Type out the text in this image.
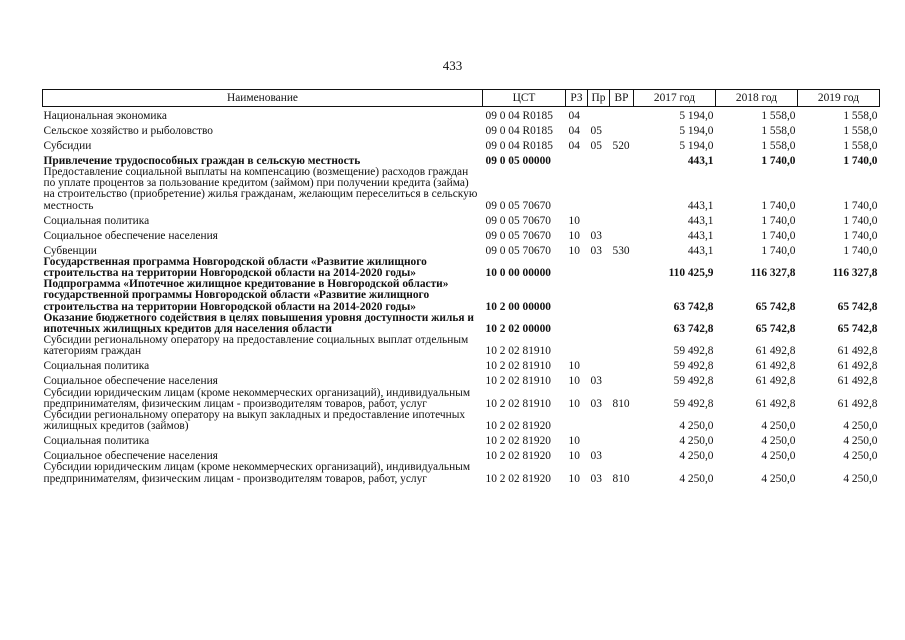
433
Наименование	ЦСТ	РЗ	Пр	ВР	2017 год	2018 год	2019 год
Национальная экономика	09 0 04 R0185	04			5 194,0	1 558,0	1 558,0
Сельское хозяйство и рыболовство	09 0 04 R0185	04	05		5 194,0	1 558,0	1 558,0
Субсидии	09 0 04 R0185	04	05	520	5 194,0	1 558,0	1 558,0
Привлечение трудоспособных граждан в сельскую местность	09 0 05 00000				443,1	1 740,0	1 740,0
Предоставление социальной выплаты на компенсацию (возмещение) расходов граждан по уплате процентов за пользование кредитом (займом) при получении кредита (займа) на строительство (приобретение) жилья гражданам, желающим переселиться в сельскую местность	09 0 05 70670				443,1	1 740,0	1 740,0
Социальная политика	09 0 05 70670	10			443,1	1 740,0	1 740,0
Социальное обеспечение населения	09 0 05 70670	10	03		443,1	1 740,0	1 740,0
Субвенции	09 0 05 70670	10	03	530	443,1	1 740,0	1 740,0
Государственная программа Новгородской области «Развитие жилищного строительства на территории Новгородской области на 2014-2020 годы»	10 0 00 00000				110 425,9	116 327,8	116 327,8
Подпрограмма «Ипотечное жилищное кредитование в Новгородской области» государственной программы Новгородской области «Развитие жилищного строительства на территории Новгородской области на 2014-2020 годы»	10 2 00 00000				63 742,8	65 742,8	65 742,8
Оказание бюджетного содействия в целях повышения уровня доступности жилья и ипотечных жилищных кредитов для населения области	10 2 02 00000				63 742,8	65 742,8	65 742,8
Субсидии региональному оператору на предоставление социальных выплат отдельным категориям граждан	10 2 02 81910				59 492,8	61 492,8	61 492,8
Социальная политика	10 2 02 81910	10			59 492,8	61 492,8	61 492,8
Социальное обеспечение населения	10 2 02 81910	10	03		59 492,8	61 492,8	61 492,8
Субсидии юридическим лицам (кроме некоммерческих организаций), индивидуальным предпринимателям, физическим лицам - производителям товаров, работ, услуг	10 2 02 81910	10	03	810	59 492,8	61 492,8	61 492,8
Субсидии региональному оператору на выкуп закладных и предоставление ипотечных жилищных кредитов (займов)	10 2 02 81920				4 250,0	4 250,0	4 250,0
Социальная политика	10 2 02 81920	10			4 250,0	4 250,0	4 250,0
Социальное обеспечение населения	10 2 02 81920	10	03		4 250,0	4 250,0	4 250,0
Субсидии юридическим лицам (кроме некоммерческих организаций), индивидуальным предпринимателям, физическим лицам - производителям товаров, работ, услуг	10 2 02 81920	10	03	810	4 250,0	4 250,0	4 250,0
